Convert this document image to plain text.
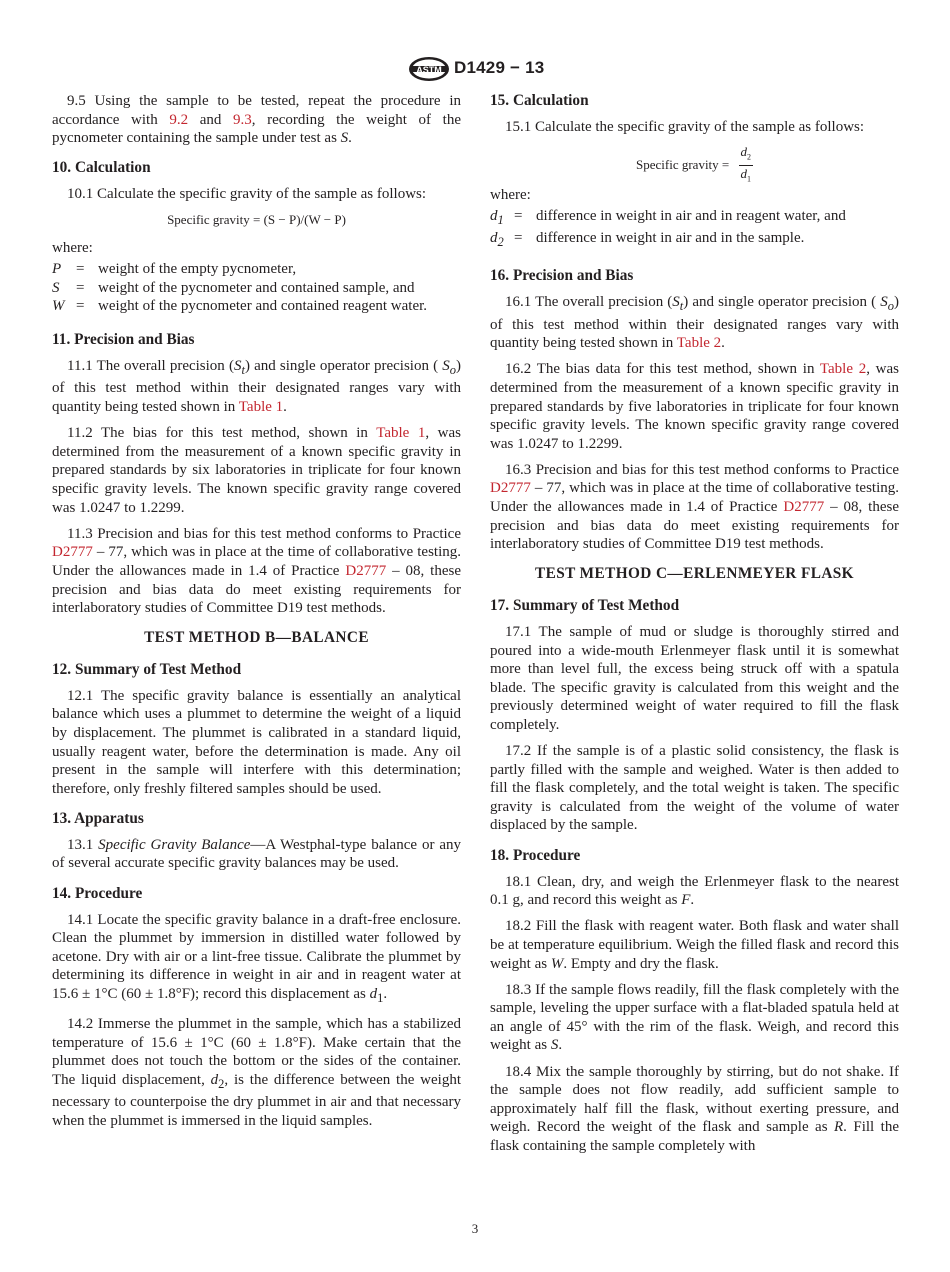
ASTM D1429 − 13

9.5 Using the sample to be tested, repeat the procedure in accordance with 9.2 and 9.3, recording the weight of the pycnometer containing the sample under test as S.

10. Calculation

10.1 Calculate the specific gravity of the sample as follows:

Specific gravity = (S − P)/(W − P)

where:

P	=	weight of the empty pycnometer,
S	=	weight of the pycnometer and contained sample, and
W	=	weight of the pycnometer and contained reagent water.
11. Precision and Bias

11.1 The overall precision $(S_t)$ and single operator precision ( $S_o$) of this test method within their designated ranges vary with quantity being tested shown in Table 1.

11.2 The bias for this test method, shown in Table 1, was determined from the measurement of a known specific gravity in prepared standards by six laboratories in triplicate for four known specific gravity levels. The known specific gravity range covered was 1.0247 to 1.2299.

11.3 Precision and bias for this test method conforms to Practice D2777 – 77, which was in place at the time of collaborative testing. Under the allowances made in 1.4 of Practice D2777 – 08, these precision and bias data do meet existing requirements for interlaboratory studies of Committee D19 test methods.

TEST METHOD B—BALANCE
12. Summary of Test Method

12.1 The specific gravity balance is essentially an analytical balance which uses a plummet to determine the weight of a liquid by displacement. The plummet is calibrated in a standard liquid, usually reagent water, before the determination is made. Any oil present in the sample will interfere with this determination; therefore, only freshly filtered samples should be used.

13. Apparatus

13.1 Specific Gravity Balance—A Westphal-type balance or any of several accurate specific gravity balances may be used.

14. Procedure

14.1 Locate the specific gravity balance in a draft-free enclosure. Clean the plummet by immersion in distilled water followed by acetone. Dry with air or a lint-free tissue. Calibrate the plummet by determining its difference in weight in air and in reagent water at 15.6 ± 1°C (60 ± 1.8°F); record this displacement as $d_1$.

14.2 Immerse the plummet in the sample, which has a stabilized temperature of 15.6 ± 1°C (60 ± 1.8°F). Make certain that the plummet does not touch the bottom or the sides of the container. The liquid displacement, $d_2$, is the difference between the weight necessary to counterpoise the dry plummet in air and that necessary when the plummet is immersed in the liquid samples.

15. Calculation

15.1 Calculate the specific gravity of the sample as follows:

Specific gravity = $\frac{d_2}{d_1}$

where:

$d_1$	=	difference in weight in air and in reagent water, and
$d_2$	=	difference in weight in air and in the sample.
16. Precision and Bias

16.1 The overall precision $(S_t)$ and single operator precision ( $S_o$) of this test method within their designated ranges vary with quantity being tested shown in Table 2.

16.2 The bias data for this test method, shown in Table 2, was determined from the measurement of a known specific gravity in prepared standards by five laboratories in triplicate for four known specific gravity levels. The known specific gravity range covered was 1.0247 to 1.2299.

16.3 Precision and bias for this test method conforms to Practice D2777 – 77, which was in place at the time of collaborative testing. Under the allowances made in 1.4 of Practice D2777 – 08, these precision and bias data do meet existing requirements for interlaboratory studies of Committee D19 test methods.

TEST METHOD C—ERLENMEYER FLASK
17. Summary of Test Method

17.1 The sample of mud or sludge is thoroughly stirred and poured into a wide-mouth Erlenmeyer flask until it is somewhat more than level full, the excess being struck off with a spatula blade. The specific gravity is calculated from this weight and the previously determined weight of water required to fill the flask completely.

17.2 If the sample is of a plastic solid consistency, the flask is partly filled with the sample and weighed. Water is then added to fill the flask completely, and the total weight is taken. The specific gravity is calculated from the weight of the volume of water displaced by the sample.

18. Procedure

18.1 Clean, dry, and weigh the Erlenmeyer flask to the nearest 0.1 g, and record this weight as F.

18.2 Fill the flask with reagent water. Both flask and water shall be at temperature equilibrium. Weigh the filled flask and record this weight as W. Empty and dry the flask.

18.3 If the sample flows readily, fill the flask completely with the sample, leveling the upper surface with a flat-bladed spatula held at an angle of 45° with the rim of the flask. Weigh, and record this weight as S.

18.4 Mix the sample thoroughly by stirring, but do not shake. If the sample does not flow readily, add sufficient sample to approximately half fill the flask, without exerting pressure, and weigh. Record the weight of the flask and sample as R. Fill the flask containing the sample completely with

3
